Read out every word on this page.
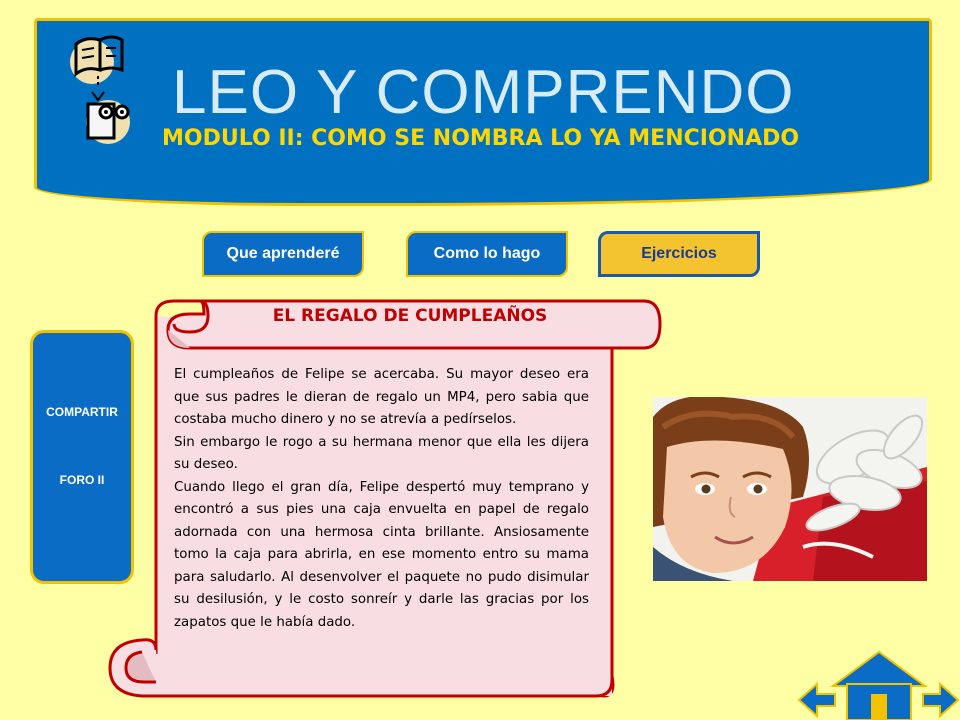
LEO Y COMPRENDO
MODULO II: COMO SE NOMBRA LO YA MENCIONADO
Que aprenderé	Como lo hago	Ejercicios
COMPARTIR
FORO II
EL REGALO DE CUMPLEAÑOS

El cumpleaños de Felipe se acercaba. Su mayor deseo era que sus padres le dieran de regalo un MP4, pero sabia que costaba mucho dinero y no se atrevía a pedírselos.

Sin embargo le rogo a su hermana menor que ella les dijera su deseo.

Cuando llego el gran día, Felipe despertó muy temprano y encontró a sus pies una caja envuelta en papel de regalo adornada con una hermosa cinta brillante. Ansiosamente tomo la caja para abrirla, en ese momento entro su mama para saludarlo. Al desenvolver el paquete no pudo disimular su desilusión, y le costo sonreír y darle las gracias por los zapatos que le había dado.
